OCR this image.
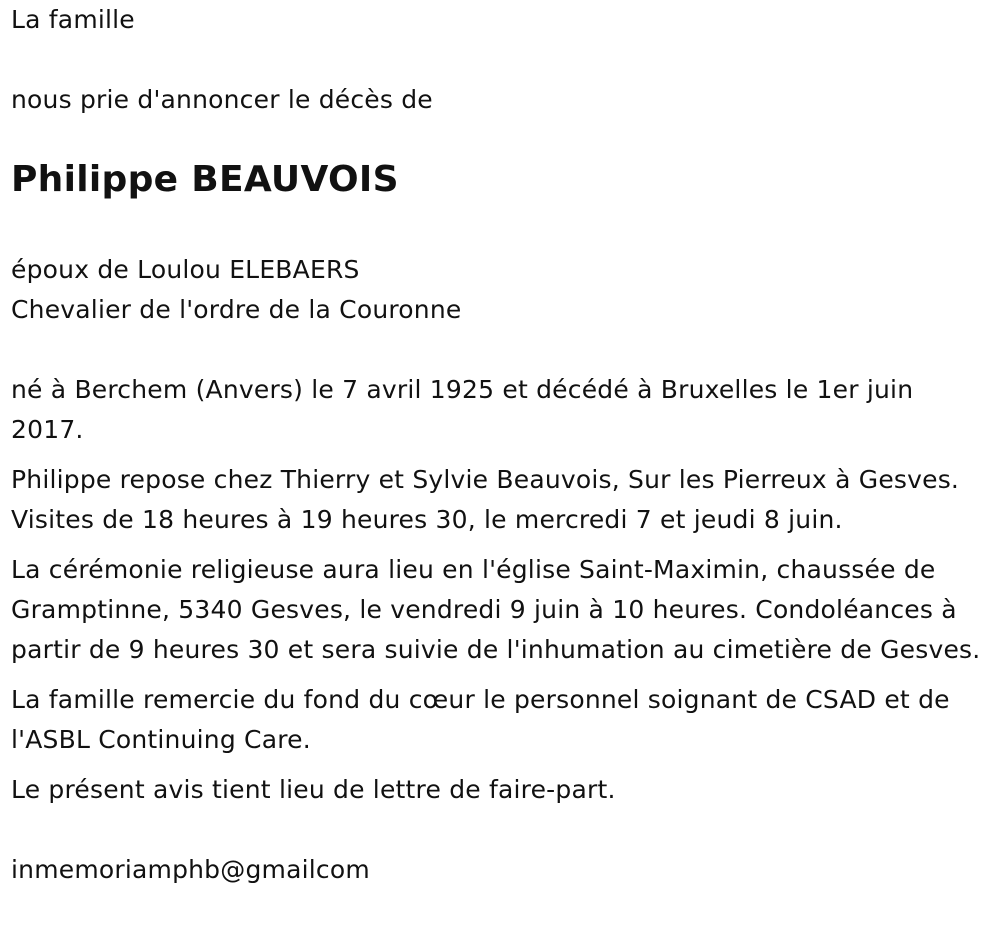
La famille

nous prie d'annoncer le décès de

Philippe BEAUVOIS

époux de Loulou ELEBAERS

Chevalier de l'ordre de la Couronne

né à Berchem (Anvers) le 7 avril 1925 et décédé à Bruxelles le 1er juin 2017.

Philippe repose chez Thierry et Sylvie Beauvois, Sur les Pierreux à Gesves. Visites de 18 heures à 19 heures 30, le mercredi 7 et jeudi 8 juin.

La cérémonie religieuse aura lieu en l'église Saint-Maximin, chaussée de Gramptinne, 5340 Gesves, le vendredi 9 juin à 10 heures. Condoléances à partir de 9 heures 30 et sera suivie de l'inhumation au cimetière de Gesves.

La famille remercie du fond du cœur le personnel soignant de CSAD et de l'ASBL Continuing Care.

Le présent avis tient lieu de lettre de faire-part.

inmemoriamphb@gmailcom
